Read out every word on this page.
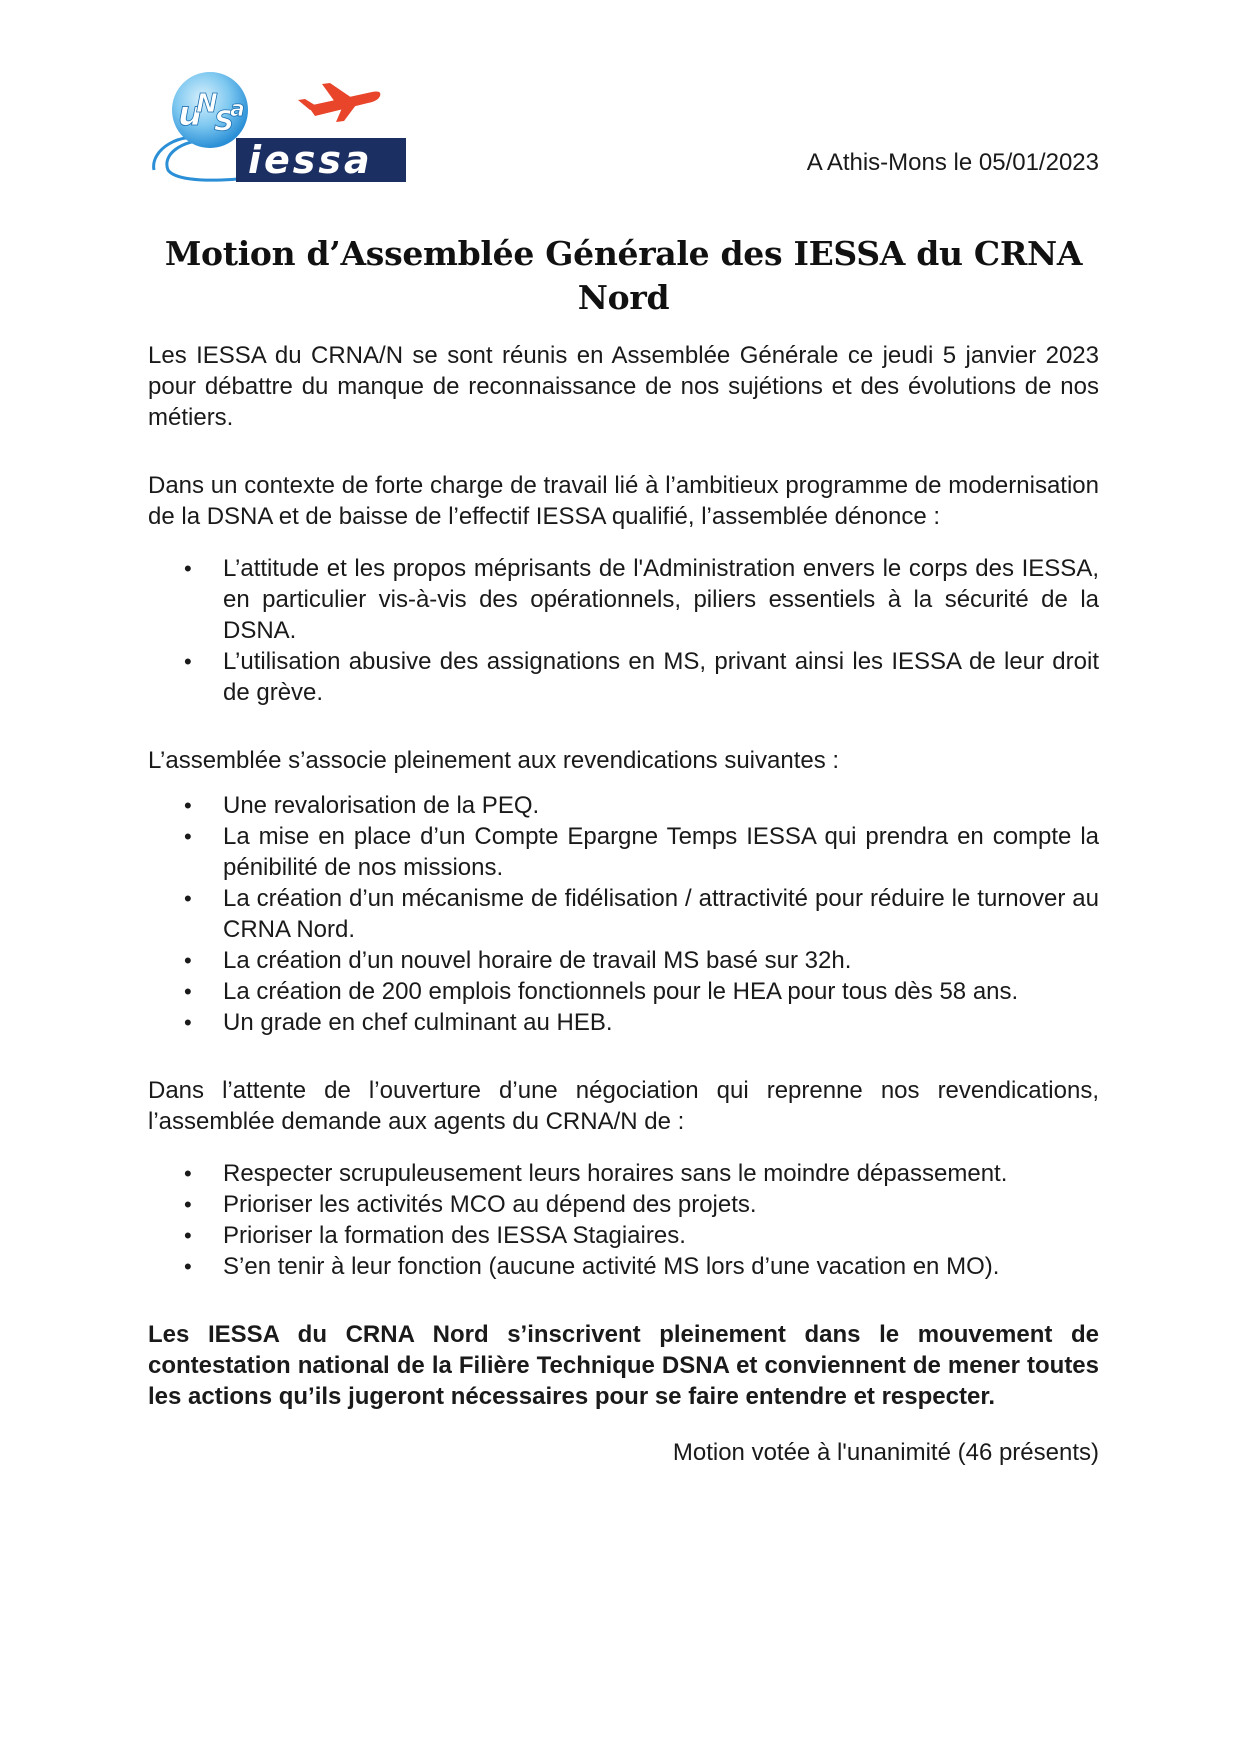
u
N
S
a
iessa	A Athis-Mons le 05/01/2023
Motion d’Assemblée Générale des IESSA du CRNA Nord

Les IESSA du CRNA/N se sont réunis en Assemblée Générale ce jeudi 5 janvier 2023 pour débattre du manque de reconnaissance de nos sujétions et des évolutions de nos métiers.

Dans un contexte de forte charge de travail lié à l’ambitieux programme de modernisation de la DSNA et de baisse de l’effectif IESSA qualifié, l’assemblée dénonce :

• L’attitude et les propos méprisants de l'Administration envers le corps des IESSA, en particulier vis-à-vis des opérationnels, piliers essentiels à la sécurité de la DSNA.
• L’utilisation abusive des assignations en MS, privant ainsi les IESSA de leur droit de grève.

L’assemblée s’associe pleinement aux revendications suivantes :

• Une revalorisation de la PEQ.
• La mise en place d’un Compte Epargne Temps IESSA qui prendra en compte la pénibilité de nos missions.
• La création d’un mécanisme de fidélisation / attractivité pour réduire le turnover au CRNA Nord.
• La création d’un nouvel horaire de travail MS basé sur 32h.
• La création de 200 emplois fonctionnels pour le HEA pour tous dès 58 ans.
• Un grade en chef culminant au HEB.

Dans l’attente de l’ouverture d’une négociation qui reprenne nos revendications, l’assemblée demande aux agents du CRNA/N de :

• Respecter scrupuleusement leurs horaires sans le moindre dépassement.
• Prioriser les activités MCO au dépend des projets.
• Prioriser la formation des IESSA Stagiaires.
• S’en tenir à leur fonction (aucune activité MS lors d’une vacation en MO).

Les IESSA du CRNA Nord s’inscrivent pleinement dans le mouvement de contestation national de la Filière Technique DSNA et conviennent de mener toutes les actions qu’ils jugeront nécessaires pour se faire entendre et respecter.

Motion votée à l'unanimité (46 présents)
